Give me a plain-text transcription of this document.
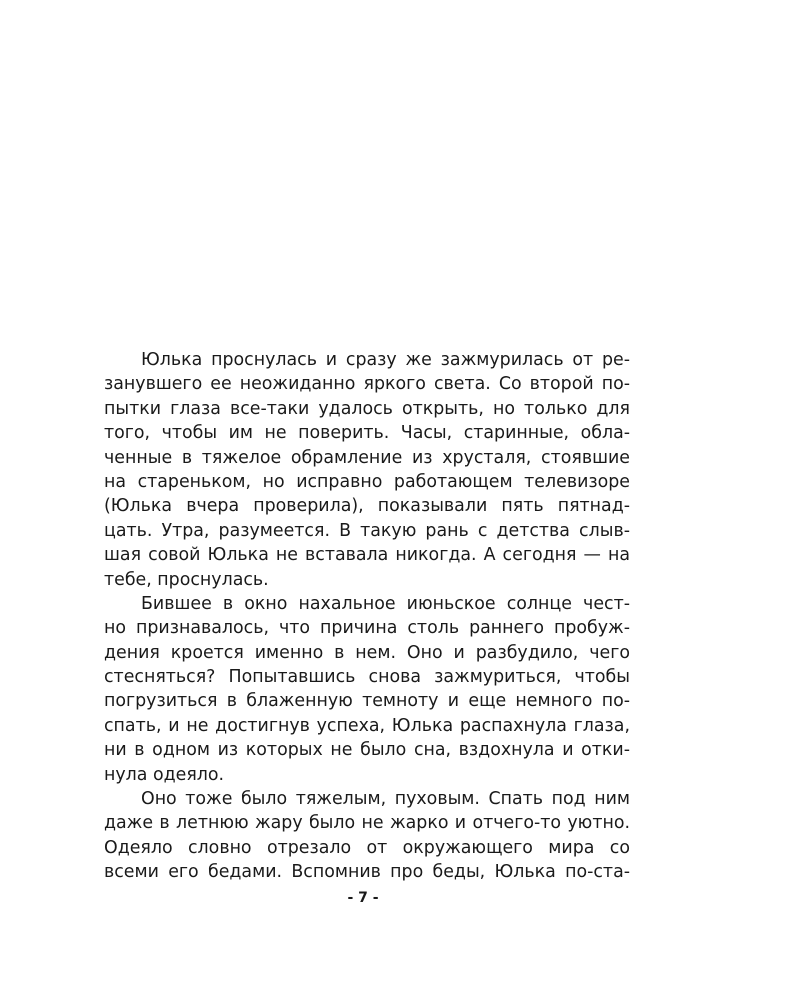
Юлька проснулась и сразу же зажмурилась от ре-
занувшего ее неожиданно яркого света. Со второй по-
пытки глаза все-таки удалось открыть, но только для
того, чтобы им не поверить. Часы, старинные, обла-
ченные в тяжелое обрамление из хрусталя, стоявшие
на стареньком, но исправно работающем телевизоре
(Юлька вчера проверила), показывали пять пятнад-
цать. Утра, разумеется. В такую рань с детства слыв-
шая совой Юлька не вставала никогда. А сегодня — на
тебе, проснулась.
Бившее в окно нахальное июньское солнце чест-
но признавалось, что причина столь раннего пробуж-
дения кроется именно в нем. Оно и разбудило, чего
стесняться? Попытавшись снова зажмуриться, чтобы
погрузиться в блаженную темноту и еще немного по-
спать, и не достигнув успеха, Юлька распахнула глаза,
ни в одном из которых не было сна, вздохнула и отки-
нула одеяло.
Оно тоже было тяжелым, пуховым. Спать под ним
даже в летнюю жару было не жарко и отчего-то уютно.
Одеяло словно отрезало от окружающего мира со
всеми его бедами. Вспомнив про беды, Юлька по-ста-
- 7 -
